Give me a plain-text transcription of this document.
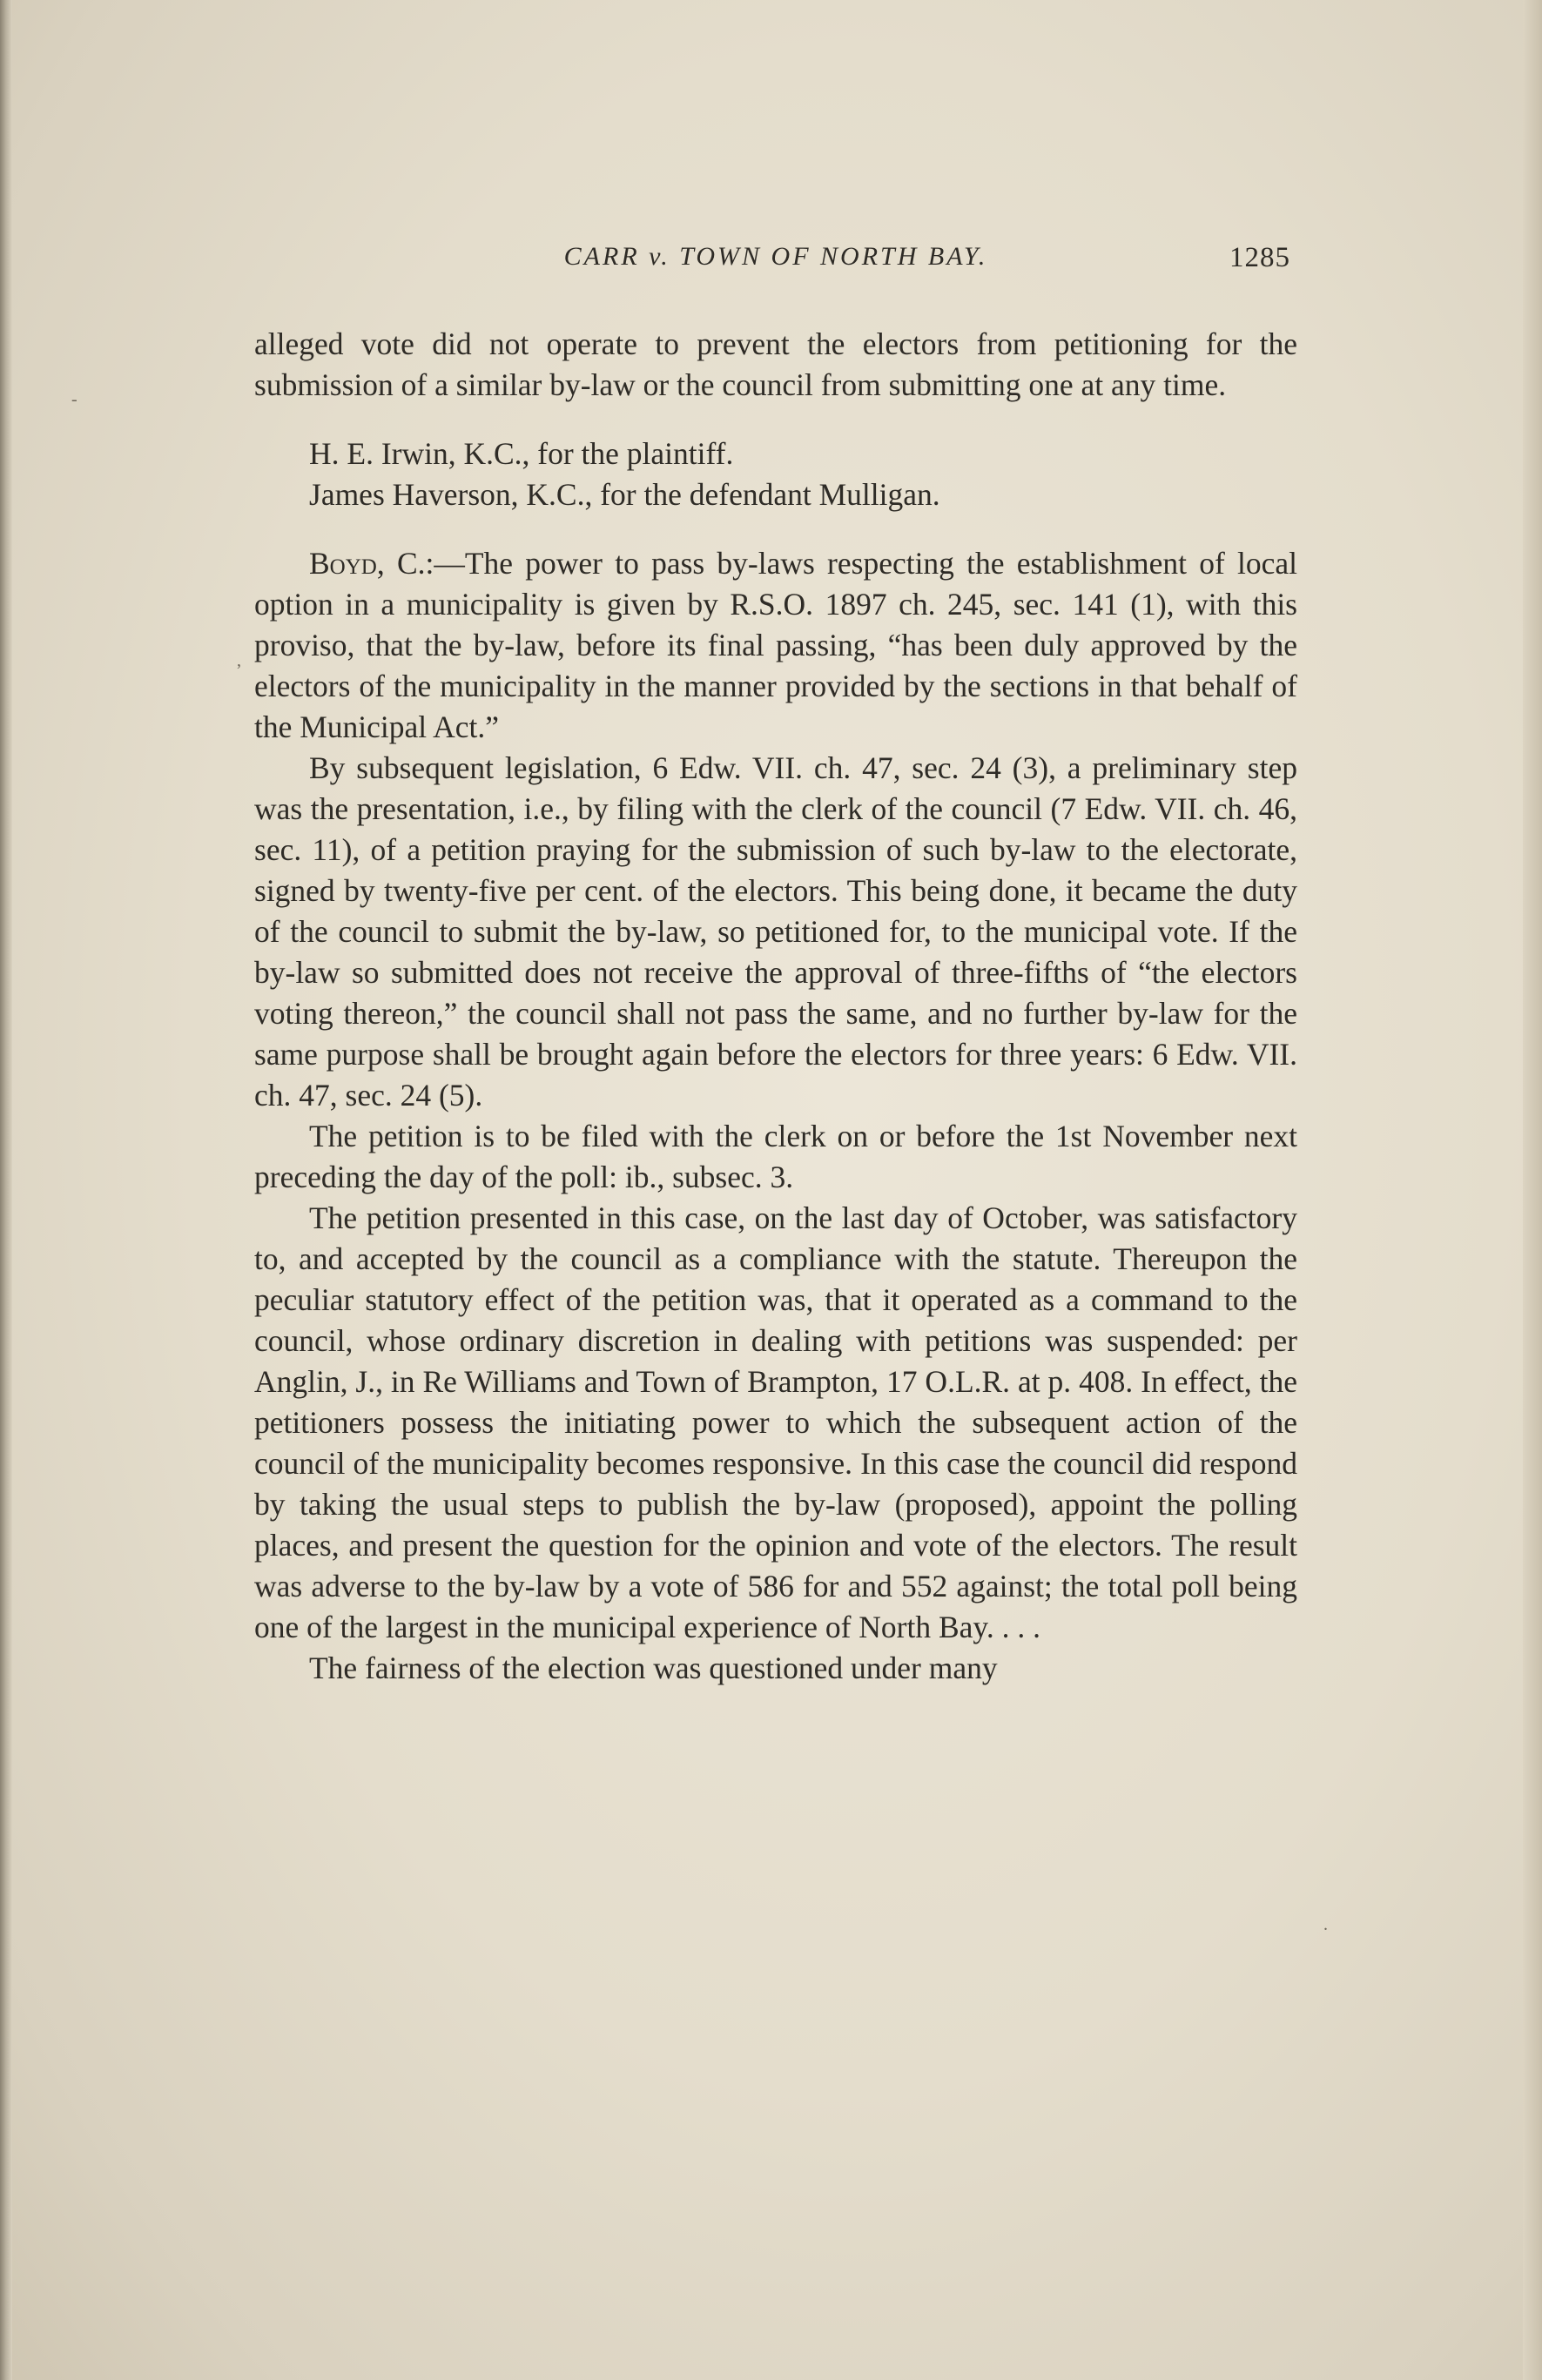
-
,
.
CARR v. TOWN OF NORTH BAY.	1285

alleged vote did not operate to prevent the electors from petitioning for the submission of a similar by-law or the council from submitting one at any time.

H. E. Irwin, K.C., for the plaintiff.

James Haverson, K.C., for the defendant Mulligan.

Boyd, C.:—The power to pass by-laws respecting the establishment of local option in a municipality is given by R.S.O. 1897 ch. 245, sec. 141 (1), with this proviso, that the by-law, before its final passing, “has been duly approved by the electors of the municipality in the manner provided by the sections in that behalf of the Municipal Act.”

By subsequent legislation, 6 Edw. VII. ch. 47, sec. 24 (3), a preliminary step was the presentation, i.e., by filing with the clerk of the council (7 Edw. VII. ch. 46, sec. 11), of a petition praying for the submission of such by-law to the electorate, signed by twenty-five per cent. of the electors. This being done, it became the duty of the council to submit the by-law, so petitioned for, to the municipal vote. If the by-law so submitted does not receive the approval of three-fifths of “the electors voting thereon,” the council shall not pass the same, and no further by-law for the same purpose shall be brought again before the electors for three years: 6 Edw. VII. ch. 47, sec. 24 (5).

The petition is to be filed with the clerk on or before the 1st November next preceding the day of the poll: ib., subsec. 3.

The petition presented in this case, on the last day of October, was satisfactory to, and accepted by the council as a compliance with the statute. Thereupon the peculiar statutory effect of the petition was, that it operated as a command to the council, whose ordinary discretion in dealing with petitions was suspended: per Anglin, J., in Re Williams and Town of Brampton, 17 O.L.R. at p. 408. In effect, the petitioners possess the initiating power to which the subsequent action of the council of the municipality becomes responsive. In this case the council did respond by taking the usual steps to publish the by-law (proposed), appoint the polling places, and present the question for the opinion and vote of the electors. The result was adverse to the by-law by a vote of 586 for and 552 against; the total poll being one of the largest in the municipal experience of North Bay. . . .

The fairness of the election was questioned under many
